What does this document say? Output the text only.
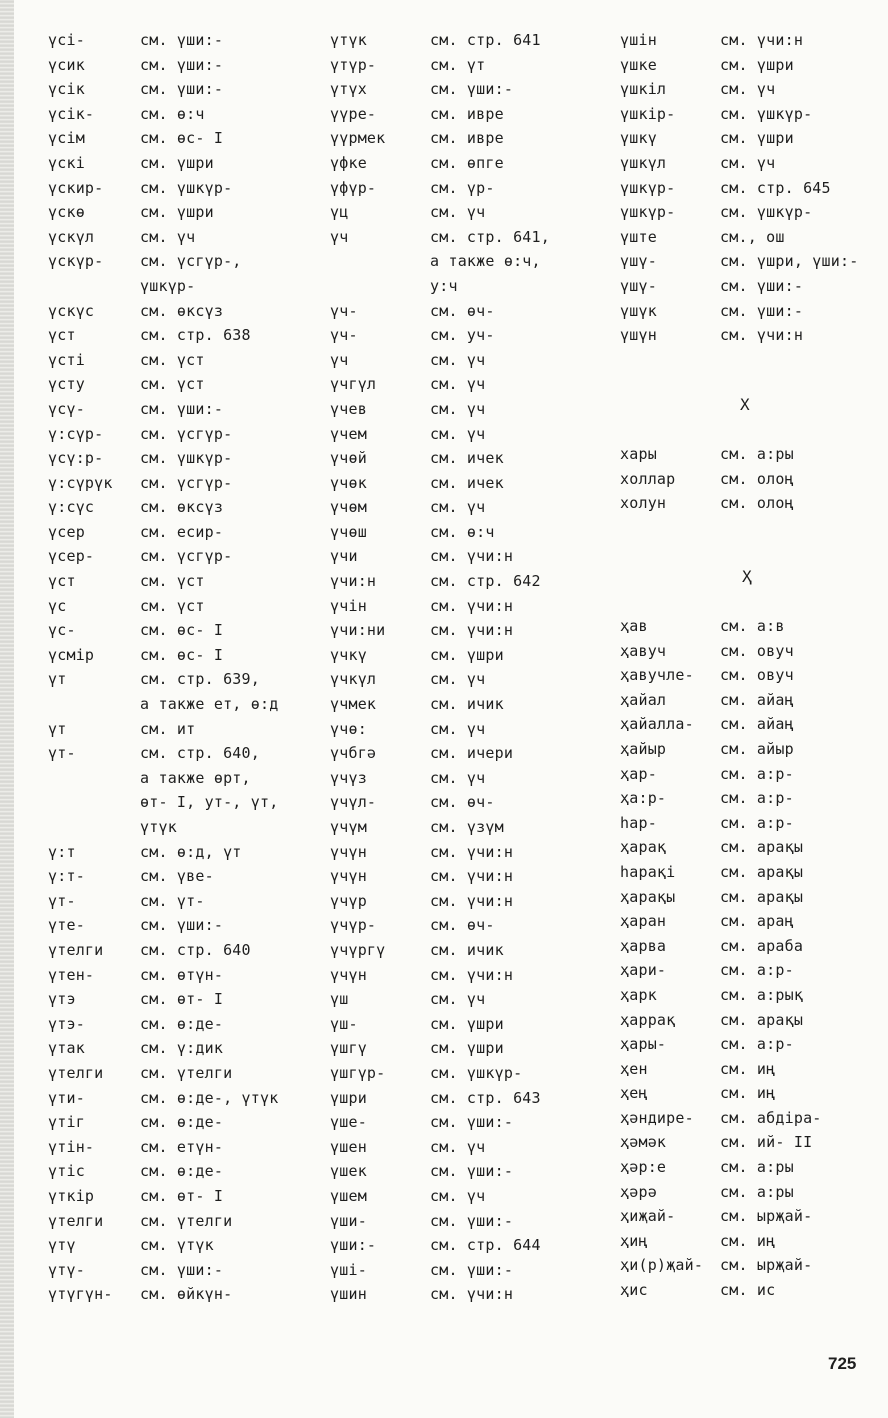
үсі-	см. үши:-
үсик	см. үши:-
үсік	см. үши:-
үсік-	см. ө:ч
үсім	см. өс- І
үскі	см. үшри
үскир- см. үшкүр-
үскө	см. үшри
үскүл	см. үч
үскүр- см. үсгүр-,
үшкүр-
үскүс	см. өксүз
үст	см. стр. 638
үсті	см. үст
үсту	см. үст
үсү-	см. үши:-
ү:сүр- см. үсгүр-
үсү:р- см. үшкүр-
ү:сүрүк см. үсгүр-
ү:сүс	см. өксүз
үсер	см. есир-
үсер-	см. үсгүр-
үст	см. үст
үс	см. үст
үс-	см. өс- І
үсміp	см. өс- І
үт	см. стр. 639,
а также ет, ө:д
үт	см. ит
үт-	см. стр. 640,
а также өрт,
өт- І, ут-, үт,
үтүк
ү:т	см. ө:д, үт
ү:т-	см. үве-
үт-	см. үт-
үте-	см. үши:-
үтелги см. стр. 640
үтен-	см. өтүн-
үтэ	см. өт- І
үтэ-	см. ө:де-
үтак	см. ү:дик
үтелги см. үтелги
үти-	см. ө:де-, үтүк
үтіг	см. ө:де-
үтін-	см. етүн-
үтіс	см. ө:де-
үткір	см. өт- І
үтелги см. үтелги
үтү	см. үтүк
үтү-	см. үши:-
үтүгүн- см. өйкүн-
үтүк	см. стр. 641
үтүр-	см. үт
үтүх	см. үши:-
үүре-	см. ивре
үүрмек	см. ивре
үфке	см. өпге
үфүр-	см. үр-
үц	см. үч
үч	см. стр. 641,
а также ө:ч,
у:ч
үч-	см. өч-
үч-	см. уч-
үч	см. үч
үчгүл	см. үч
үчев	см. үч
үчем	см. үч
үчөй	см. ичек
үчөк	см. ичек
үчөм	см. үч
үчөш	см. ө:ч
үчи	см. үчи:н
үчи:н	см. стр. 642
үчін	см. үчи:н
үчи:ни	см. үчи:н
үчкү	см. үшри
үчкүл	см. үч
үчмек	см. ичик
үчө:	см. үч
үчбгә	см. ичери
үчүз	см. үч
үчүл-	см. өч-
үчүм	см. үзүм
үчүн	см. үчи:н
үчүн	см. үчи:н
үчүр	см. үчи:н
үчүр-	см. өч-
үчүргү	см. ичик
үчүн	см. үчи:н
үш	см. үч
үш-	см. үшри
үшгү	см. үшри
үшгүр-	см. үшкүр-
үшри	см. стр. 643
үше-	см. үши:-
үшен	см. үч
үшек	см. үши:-
үшем	см. үч
үши-	см. үши:-
үши:-	см. стр. 644
үші-	см. үши:-
үшин	см. үчи:н
үшін	см. үчи:н
үшке	см. үшри
үшкіл	см. үч
үшкір-	см. үшкүр-
үшкү	см. үшри
үшкүл	см. үч
үшкүр-	см. стр. 645
үшкүр-	см. үшкүр-
үште	см., ош
үшү-	см. үшри, үши:-
үшү-	см. үши:-
үшүк	см. үши:-
үшүн	см. үчи:н
Х
хары	см. а:ры
холлар	см. олоң
холун	см. олоң
Ҳ
ҳав	см. а:в
ҳавуч	см. овуч
ҳавучле- см. овуч
ҳайал	см. айаң
ҳайалла- см. айаң
ҳайыр	см. айыр
ҳар-	см. а:р-
ҳа:р-	см. а:р-
һар-	см. а:р-
ҳарақ	см. арақы
һарақі	см. арақы
ҳарақы	см. арақы
ҳаран	см. араң
ҳарва	см. араба
ҳари-	см. а:р-
ҳарк	см. а:рық
ҳаррақ	см. арақы
ҳары-	см. а:р-
ҳен	см. иң
ҳең	см. иң
ҳәндире- см. абдіра-
ҳәмәк	см. ий- ІІ
ҳәр:е	см. а:ры
ҳәрә	см. а:ры
ҳиҗай-	см. ырҗай-
ҳиң	см. иң
ҳи(р)җай- см. ырҗай-
ҳис	см. ис
725
